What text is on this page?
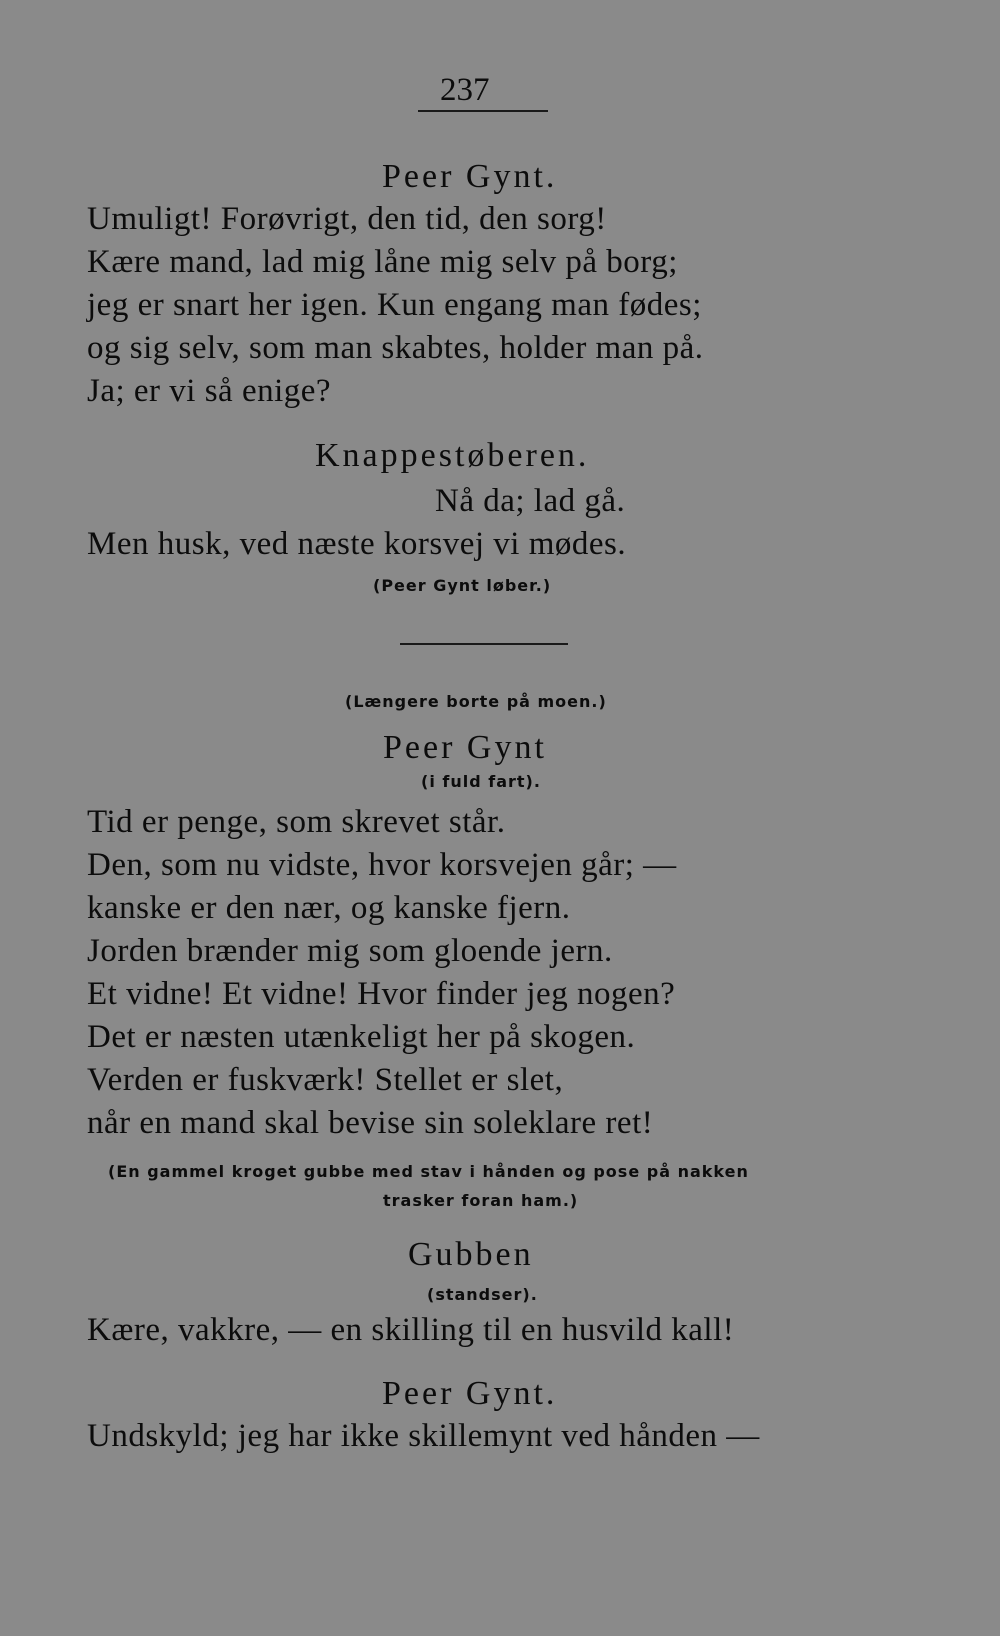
237
Peer Gynt.
Umuligt! Forøvrigt, den tid, den sorg!
Kære mand, lad mig låne mig selv på borg;
jeg er snart her igen. Kun engang man fødes;
og sig selv, som man skabtes, holder man på.
Ja; er vi så enige?
Knappestøberen.
Nå da; lad gå.
Men husk, ved næste korsvej vi mødes.
(Peer Gynt løber.)
(Længere borte på moen.)
Peer Gynt
(i fuld fart).
Tid er penge, som skrevet står.
Den, som nu vidste, hvor korsvejen går; —
kanske er den nær, og kanske fjern.
Jorden brænder mig som gloende jern.
Et vidne! Et vidne! Hvor finder jeg nogen?
Det er næsten utænkeligt her på skogen.
Verden er fuskværk! Stellet er slet,
når en mand skal bevise sin soleklare ret!
(En gammel kroget gubbe med stav i hånden og pose på nakken
trasker foran ham.)
Gubben
(standser).
Kære, vakkre, — en skilling til en husvild kall!
Peer Gynt.
Undskyld; jeg har ikke skillemynt ved hånden —
